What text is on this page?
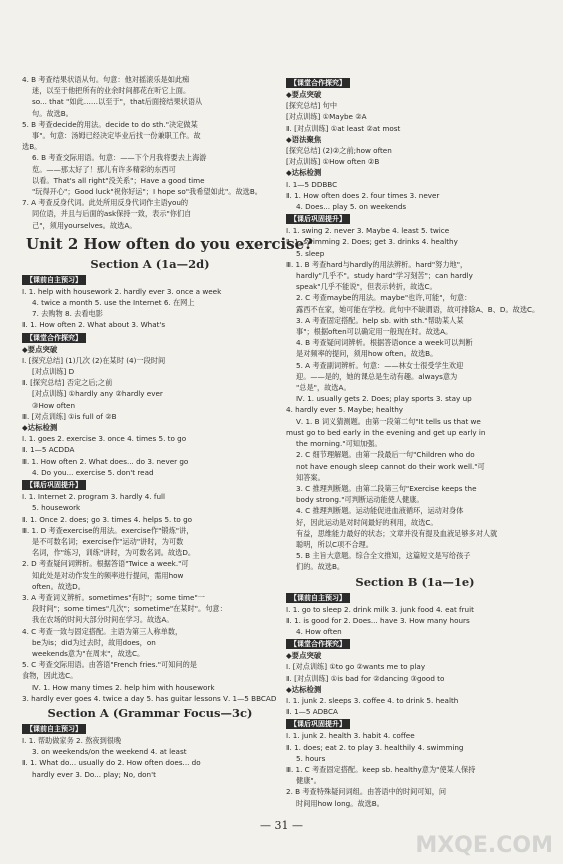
4. B 考查结果状语从句。句意：他对摇滚乐是如此痴
迷，以至于他把所有的业余时间都花在听它上面。
so... that "如此……以至于"，that后面接结果状语从
句。故选B。
5. B 考查decide的用法。decide to do sth."决定做某
事"。句意：汤姆已经决定毕业后找一份兼职工作。故
选B。
6. B 考查交际用语。句意：——下个月我将要去上海游
览。——那太好了！那儿有许多精彩的东西可
以看。That's all right"没关系"；Have a good time
"玩得开心"；Good luck"祝你好运"；I hope so"我希望如此"。故选B。
7. A 考查反身代词。此处所用反身代词作主语you的
同位语，并且与后面的ask保持一致，表示"你们自
己"，须用yourselves。故选A。
Unit 2 How often do you exercise?
Section A (1a—2d)
【课前自主预习】
Ⅰ. 1. help with housework 2. hardly ever 3. once a week
4. twice a month 5. use the Internet 6. 在网上
7. 去购物 8. 去看电影
Ⅱ. 1. How often 2. What about 3. What's
【课堂合作探究】
◆要点突破
Ⅰ. [探究总结] (1)几次 (2)在某时 (4)一段时间
[对点训练] D
Ⅱ. [探究总结] 否定之后;之前
[对点训练] ①hardly any ②hardly ever
③How often
Ⅲ. [对点训练] ①is full of ②B
◆达标检测
Ⅰ. 1. goes 2. exercise 3. once 4. times 5. to go
Ⅱ. 1—5 ACDDA
Ⅲ. 1. How often 2. What does... do 3. never go
4. Do you... exercise 5. don't read
【课后巩固提升】
Ⅰ. 1. Internet 2. program 3. hardly 4. full
5. housework
Ⅱ. 1. Once 2. does; go 3. times 4. helps 5. to go
Ⅲ. 1. D 考查exercise的用法。exercise作"锻炼"讲，
是不可数名词；exercise作"运动"讲时，为可数
名词，作"练习，训练"讲时，为可数名词。故选D。
2. D 考查疑问词辨析。根据答语"Twice a week."可
知此处是对动作发生的频率进行提问，需用how
often。故选D。
3. A 考查词义辨析。sometimes"有时"；some time"一
段时间"；some times"几次"；sometime"在某时"。句意：
我在农场的时间大部分时间在学习。故选A。
4. C 考查一致与固定搭配。主语为第三人称单数，
be为is；did为过去时，故用does，on
weekends意为"在周末"，故选C。
5. C 考查交际用语。由答语"French fries."可知问的是
食物，因此选C。
Ⅳ. 1. How many times 2. help him with housework
3. hardly ever goes 4. twice a day 5. has guitar lessons Ⅴ. 1—5 BBCAD
Section A (Grammar Focus—3c)
【课前自主预习】
Ⅰ. 1. 帮助做家务 2. 熬夜到很晚
3. on weekends/on the weekend 4. at least
Ⅱ. 1. What do... usually do 2. How often does... do
hardly ever 3. Do... play; No, don't
【课堂合作探究】
◆要点突破
[探究总结] 句中
[对点训练] ①Maybe ②A
Ⅱ. [对点训练] ①at least ②at most
◆语法聚焦
[探究总结] (2)②之前;how often
[对点训练] ①How often ②B
◆达标检测
Ⅰ. 1—5 DDBBC
Ⅱ. 1. How often does 2. four times 3. never
4. Does... play 5. on weekends
【课后巩固提升】
Ⅰ. 1. swing 2. never 3. Maybe 4. least 5. twice
Ⅱ. 1. swimming 2. Does; get 3. drinks 4. healthy
5. sleep
Ⅲ. 1. B 考查hard与hardly的用法辨析。hard"努力地"，
hardly"几乎不"。study hard"学习刻苦"；can hardly
speak"几乎不能说"，但表示转折，故选C。
2. C 考查maybe的用法。maybe"也许,可能"，句意：
露西不在家，她可能在学校。此句中不缺谓语，故可排除A、B、D。故选C。
3. A 考查固定搭配。help sb. with sth."帮助某人某
事"；根据often可以确定用一般现在时。故选A。
4. B 考查疑问词辨析。根据答语once a week可以判断
是对频率的提问，须用how often。故选B。
5. A 考查副词辨析。句意：——林女士很受学生欢迎
迎。——是的，她的课总是生动有趣。always意为
"总是"，故选A。
Ⅳ. 1. usually gets 2. Does; play sports 3. stay up
4. hardly ever 5. Maybe; healthy
Ⅴ. 1. B 词义猜测题。由第一段第二句"It tells us that we
must go to bed early in the evening and get up early in
the morning."可知加强。
2. C 细节理解题。由第一段最后一句"Children who do
not have enough sleep cannot do their work well."可
知答案。
3. C 推理判断题。由第二段第三句"Exercise keeps the
body strong."可判断运动能使人健康。
4. C 推理判断题。运动能促进血液循环，运动对身体
好，因此运动是对时间最好的利用，故选C。
有益，思维能力最好的状态；文章并没有提及血液足够多对人就
聪明，所以C项不合理。
5. B 主旨大意题。综合全文推知，这篇短文是写给孩子
们的。故选B。
Section B (1a—1e)
【课前自主预习】
Ⅰ. 1. go to sleep 2. drink milk 3. junk food 4. eat fruit
Ⅱ. 1. is good for 2. Does... have 3. How many hours
4. How often
【课堂合作探究】
◆要点突破
Ⅰ. [对点训练] ①to go ②wants me to play
Ⅱ. [对点训练] ①is bad for ②dancing ③good to
◆达标检测
Ⅰ. 1. junk 2. sleeps 3. coffee 4. to drink 5. health
Ⅱ. 1—5 ADBCA
【课后巩固提升】
Ⅰ. 1. junk 2. health 3. habit 4. coffee
Ⅱ. 1. does; eat 2. to play 3. healthily 4. swimming
5. hours
Ⅲ. 1. C 考查固定搭配。keep sb. healthy意为"使某人保持
健康"。
2. B 考查特殊疑问词组。由答语中的时间可知，问
时间用how long。故选B。
— 31 —
MXQE.COM
